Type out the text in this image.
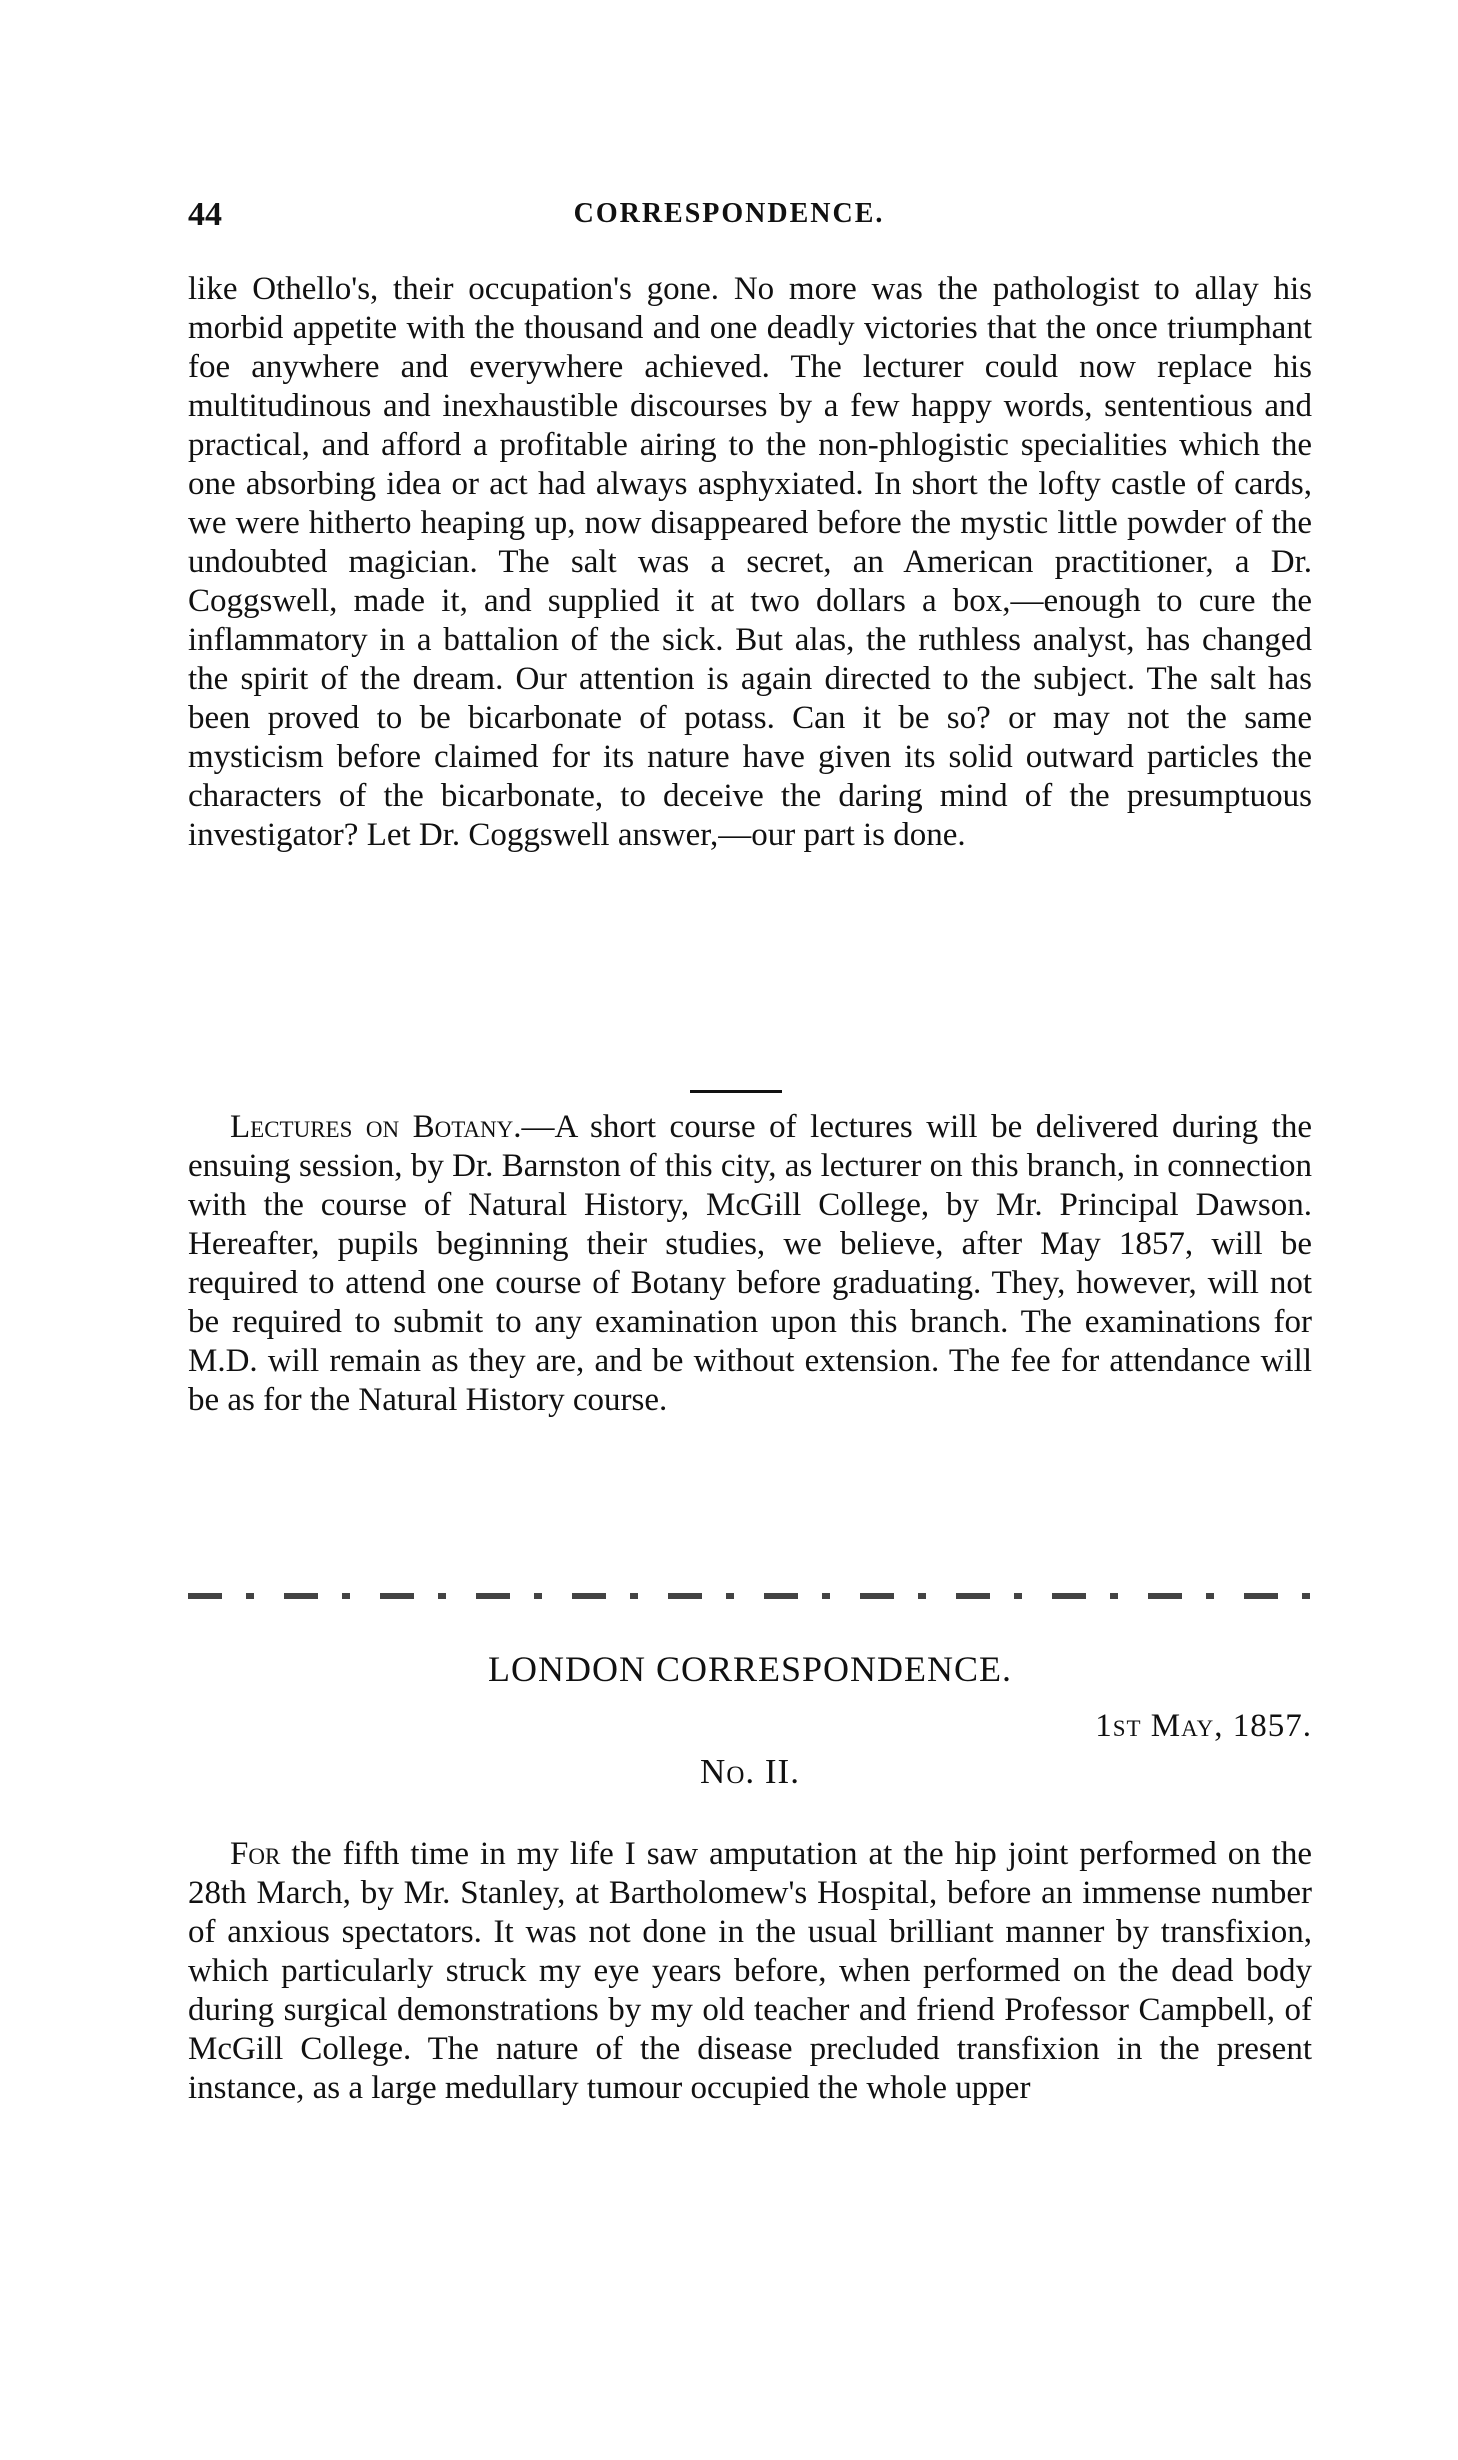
44	CORRESPONDENCE.

like Othello's, their occupation's gone. No more was the pathologist to allay his morbid appetite with the thousand and one deadly victories that the once triumphant foe anywhere and everywhere achieved. The lecturer could now replace his multitudinous and inexhaustible discourses by a few happy words, sententious and practical, and afford a profitable airing to the non-phlogistic specialities which the one absorbing idea or act had always asphyxiated. In short the lofty castle of cards, we were hitherto heaping up, now disappeared before the mystic little powder of the undoubted magician. The salt was a secret, an American practitioner, a Dr. Coggswell, made it, and supplied it at two dollars a box,—enough to cure the inflammatory in a battalion of the sick. But alas, the ruthless analyst, has changed the spirit of the dream. Our attention is again directed to the subject. The salt has been proved to be bicarbonate of potass. Can it be so? or may not the same mysticism before claimed for its nature have given its solid outward particles the characters of the bicarbonate, to deceive the daring mind of the presumptuous investigator? Let Dr. Coggswell answer,—our part is done.

Lectures on Botany.—A short course of lectures will be delivered during the ensuing session, by Dr. Barnston of this city, as lecturer on this branch, in connection with the course of Natural History, McGill College, by Mr. Principal Dawson. Hereafter, pupils beginning their studies, we believe, after May 1857, will be required to attend one course of Botany before graduating. They, however, will not be required to submit to any examination upon this branch. The examinations for M.D. will remain as they are, and be without extension. The fee for attendance will be as for the Natural History course.

LONDON CORRESPONDENCE.
1st May, 1857.
No. II.

For the fifth time in my life I saw amputation at the hip joint performed on the 28th March, by Mr. Stanley, at Bartholomew's Hospital, before an immense number of anxious spectators. It was not done in the usual brilliant manner by transfixion, which particularly struck my eye years before, when performed on the dead body during surgical demonstrations by my old teacher and friend Professor Campbell, of McGill College. The nature of the disease precluded transfixion in the present instance, as a large medullary tumour occupied the whole upper
